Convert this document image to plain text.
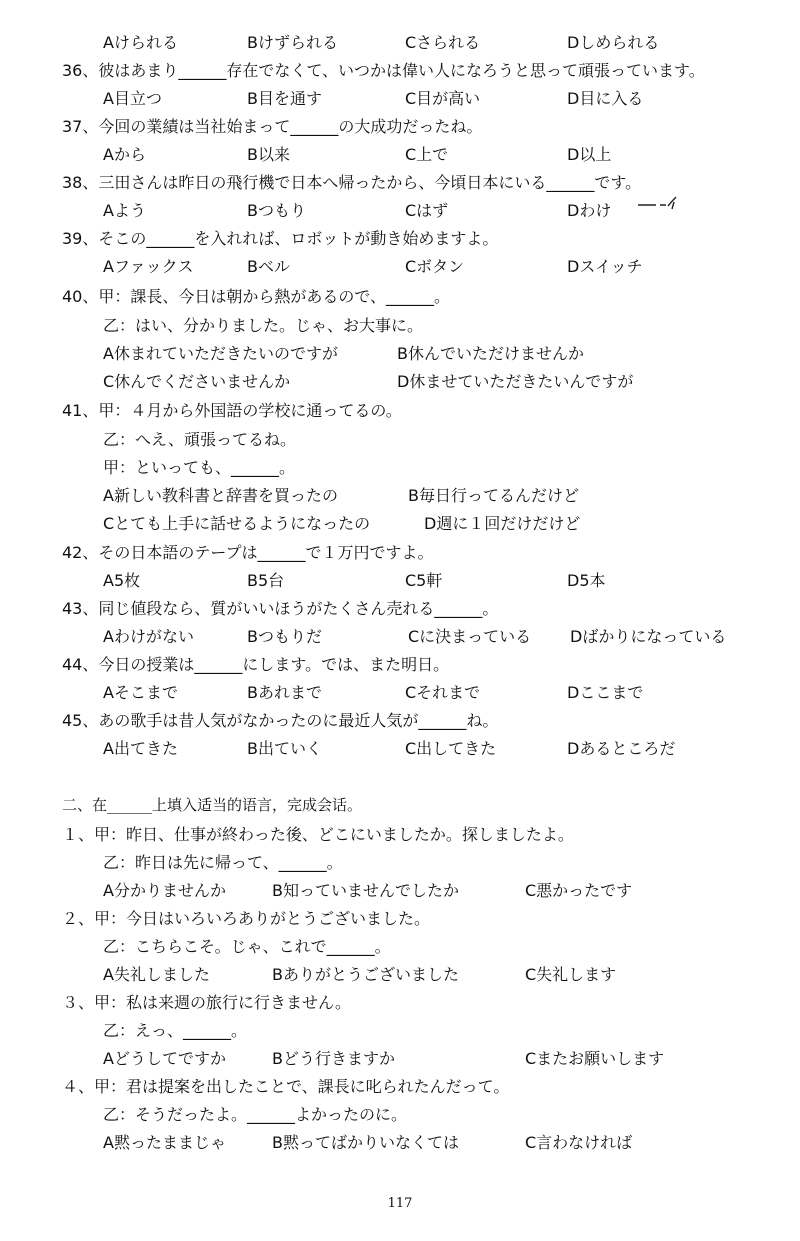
Aけられる	Bけずられる	Cさられる	Dしめられる
36、彼はあまり______存在でなくて、いつかは偉い人になろうと思って頑張っています。
A目立つ	B目を通す	C目が高い	D目に入る
37、今回の業績は当社始まって______の大成功だったね。
Aから	B以来	C上で	D以上
38、三田さんは昨日の飛行機で日本へ帰ったから、今頃日本にいる______です。
Aよう	Bつもり	Cはず	Dわけ
39、そこの______を入れれば、ロボットが動き始めますよ。
Aファックス	Bベル	Cボタン	Dスイッチ
40、甲：課長、今日は朝から熱があるので、______。
乙：はい、分かりました。じゃ、お大事に。
A休まれていただきたいのですが	B休んでいただけませんか
C休んでくださいませんか	D休ませていただきたいんですが
41、甲：４月から外国語の学校に通ってるの。
乙：へえ、頑張ってるね。
甲：といっても、______。
A新しい教科書と辞書を買ったの	B毎日行ってるんだけど
Cとても上手に話せるようになったの	D週に１回だけだけど
42、その日本語のテープは______で１万円ですよ。
A5枚	B5台	C5軒	D5本
43、同じ値段なら、質がいいほうがたくさん売れる______。
Aわけがない	Bつもりだ	Cに決まっている Dばかりになっている
44、今日の授業は______にします。では、また明日。
Aそこまで	Bあれまで	Cそれまで	Dここまで
45、あの歌手は昔人気がなかったのに最近人気が______ね。
A出てきた	B出ていく	C出してきた	Dあるところだ
二、在______上填入适当的语言，完成会话。
１、甲：昨日、仕事が終わった後、どこにいましたか。探しましたよ。
乙：昨日は先に帰って、______。
A分かりませんか	B知っていませんでしたか	C悪かったです
２、甲：今日はいろいろありがとうございました。
乙：こちらこそ。じゃ、これで______。
A失礼しました	Bありがとうございました	C失礼します
３、甲：私は来週の旅行に行きません。
乙：えっ、______。
Aどうしてですか	Bどう行きますか	Cまたお願いします
４、甲：君は提案を出したことで、課長に叱られたんだって。
乙：そうだったよ。______よかったのに。
A黙ったままじゃ	B黙ってばかりいなくては	C言わなければ
117
